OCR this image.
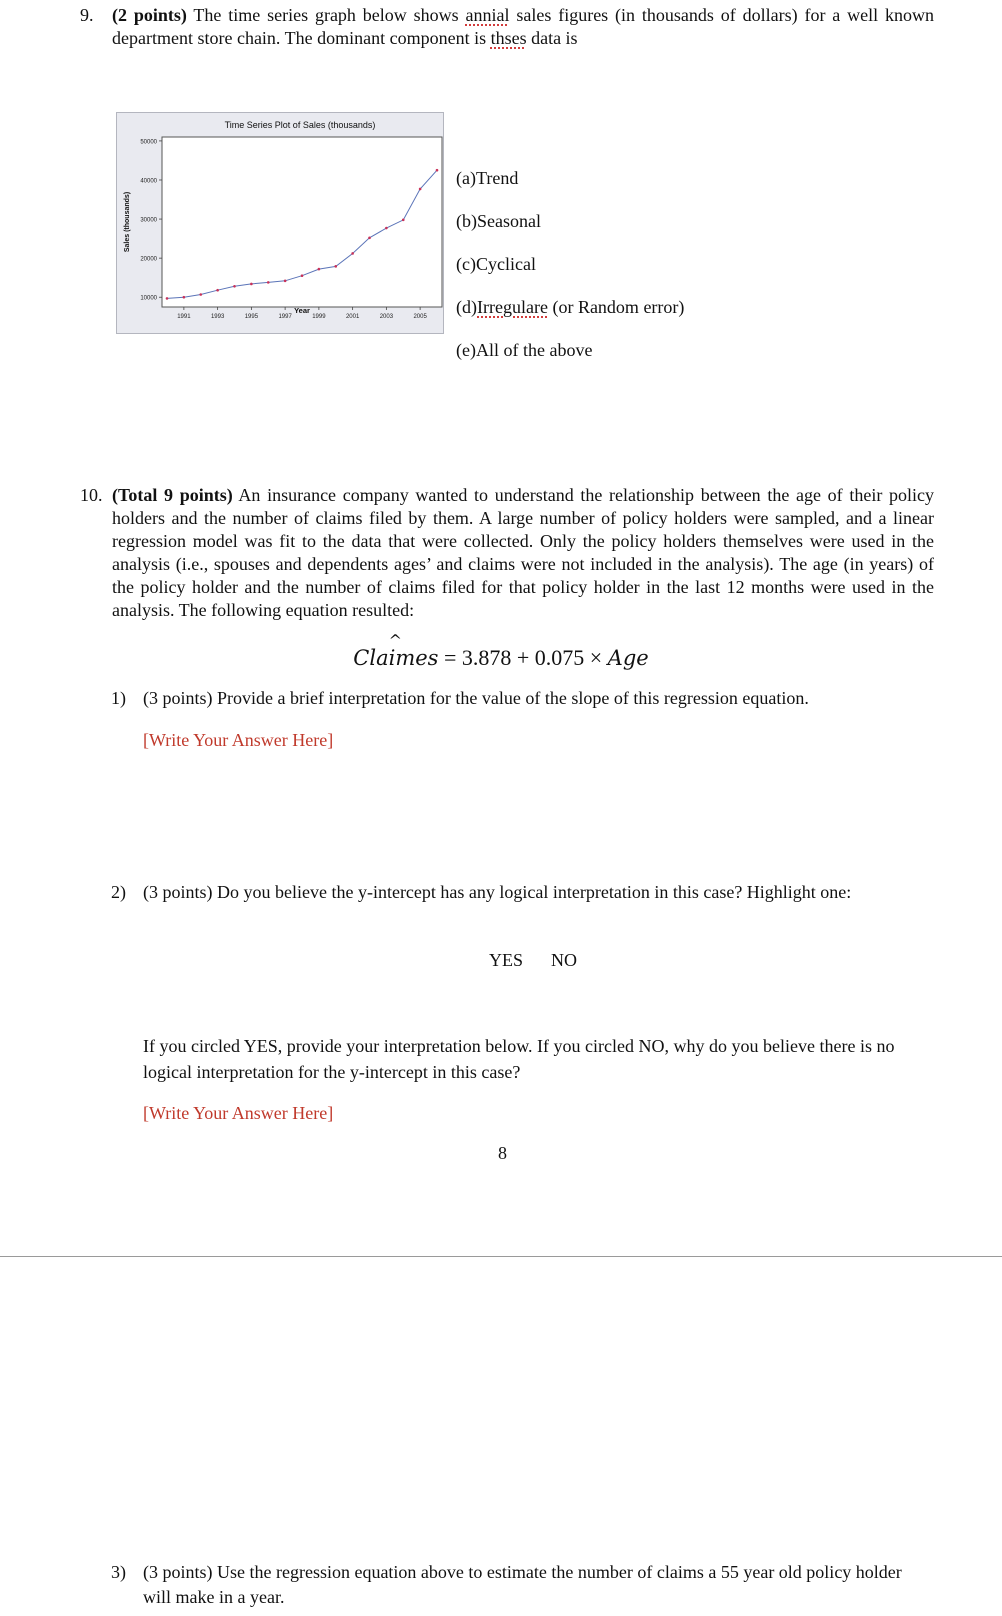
9. (2 points) The time series graph below shows annial sales figures (in thousands of dollars) for a well known department store chain. The dominant component is thses data is
Time Series Plot of Sales (thousands)
Year
Sales (thousands)
10000
20000
30000
40000
50000
1991	1993	1995	1997	1999	2001	2003	2005
(a)Trend
(b)Seasonal
(c)Cyclical
(d)Irregulare (or Random error)
(e)All of the above
10. (Total 9 points) An insurance company wanted to understand the relationship between the age of their policy holders and the number of claims filed by them. A large number of policy holders were sampled, and a linear regression model was fit to the data that were collected. Only the policy holders themselves were used in the analysis (i.e., spouses and dependents ages’ and claims were not included in the analysis). The age (in years) of the policy holder and the number of claims filed for that policy holder in the last 12 months were used in the analysis. The following equation resulted:
Cla
^
imes = 3.878 + 0.075 × Age
1) (3 points) Provide a brief interpretation for the value of the slope of this regression equation.
[Write Your Answer Here]
2) (3 points) Do you believe the y-intercept has any logical interpretation in this case? Highlight one:
YES NO
If you circled YES, provide your interpretation below. If you circled NO, why do you believe there is no logical interpretation for the y-intercept in this case?
[Write Your Answer Here]
8
3) (3 points) Use the regression equation above to estimate the number of claims a 55 year old policy holder will make in a year.
